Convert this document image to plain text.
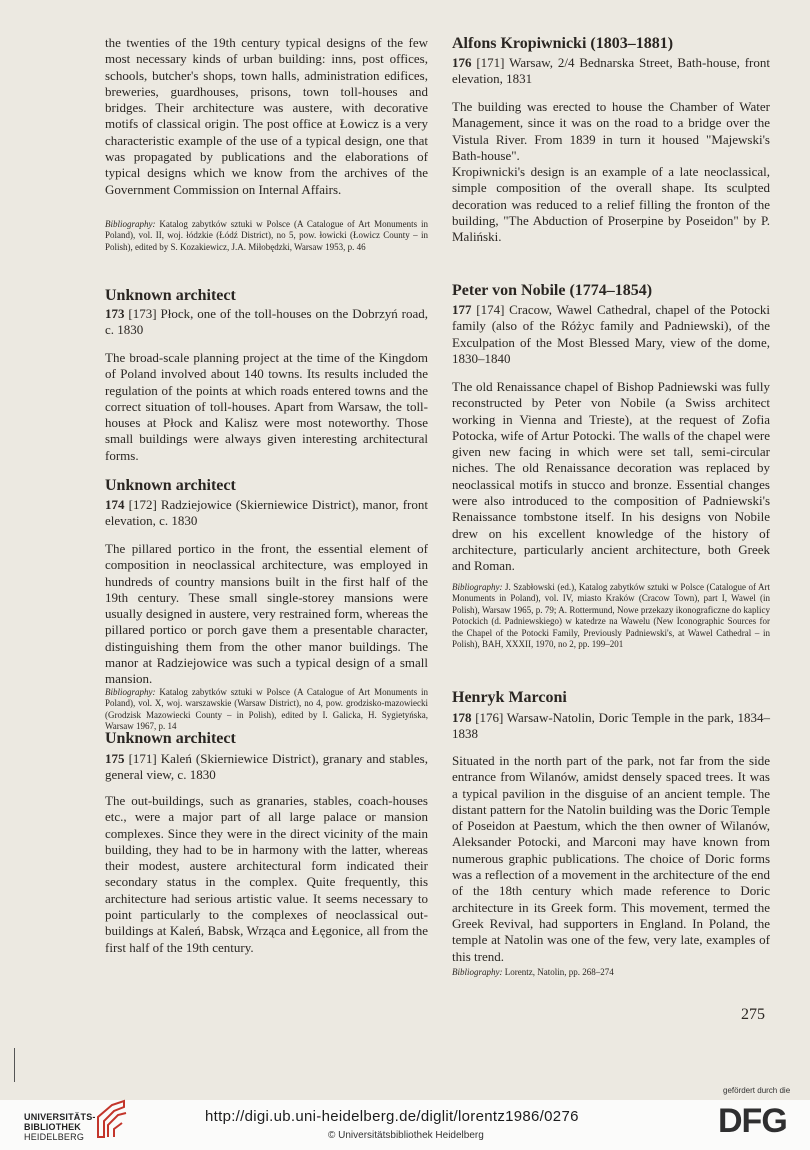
the twenties of the 19th century typical designs of the few most necessary kinds of urban building: inns, post offices, schools, butcher's shops, town halls, administration edifices, breweries, guardhouses, prisons, town toll-houses and bridges. Their architecture was austere, with decorative motifs of classical origin. The post office at Łowicz is a very characteristic example of the use of a typical design, one that was propagated by publications and the elaborations of typical designs which we know from the archives of the Government Commission on Internal Affairs.

Bibliography: Katalog zabytków sztuki w Polsce (A Catalogue of Art Monuments in Poland), vol. II, woj. łódzkie (Łódź District), no 5, pow. łowicki (Łowicz County – in Polish), edited by S. Kozakiewicz, J.A. Miłobędzki, Warsaw 1953, p. 46

Unknown architect

173 [173] Płock, one of the toll-houses on the Dobrzyń road, c. 1830

The broad-scale planning project at the time of the Kingdom of Poland involved about 140 towns. Its results included the regulation of the points at which roads entered towns and the correct situation of toll-houses. Apart from Warsaw, the toll-houses at Płock and Kalisz were most noteworthy. Those small buildings were always given interesting architectural forms.

Unknown architect

174 [172] Radziejowice (Skierniewice District), manor, front elevation, c. 1830

The pillared portico in the front, the essential element of composition in neoclassical architecture, was employed in hundreds of country mansions built in the first half of the 19th century. These small single-storey mansions were usually designed in austere, very restrained form, whereas the pillared portico or porch gave them a presentable character, distinguishing them from the other manor buildings. The manor at Radziejowice was such a typical design of a small mansion.

Bibliography: Katalog zabytków sztuki w Polsce (A Catalogue of Art Monuments in Poland), vol. X, woj. warszawskie (Warsaw District), no 4, pow. grodzisko-mazowiecki (Grodzisk Mazowiecki County – in Polish), edited by I. Galicka, H. Sygietyńska, Warsaw 1967, p. 14

Unknown architect

175 [171] Kaleń (Skierniewice District), granary and stables, general view, c. 1830

The out-buildings, such as granaries, stables, coach-houses etc., were a major part of all large palace or mansion complexes. Since they were in the direct vicinity of the main building, they had to be in harmony with the latter, whereas their modest, austere architectural form indicated their secondary status in the complex. Quite frequently, this architecture had serious artistic value. It seems necessary to point particularly to the complexes of neoclassical out-buildings at Kaleń, Babsk, Wrząca and Łęgonice, all from the first half of the 19th century.

Alfons Kropiwnicki (1803–1881)

176 [171] Warsaw, 2/4 Bednarska Street, Bath-house, front elevation, 1831

The building was erected to house the Chamber of Water Management, since it was on the road to a bridge over the Vistula River. From 1839 in turn it housed "Majewski's Bath-house".

Kropiwnicki's design is an example of a late neoclassical, simple composition of the overall shape. Its sculpted decoration was reduced to a relief filling the fronton of the building, "The Abduction of Proserpine by Poseidon" by P. Maliński.

Peter von Nobile (1774–1854)

177 [174] Cracow, Wawel Cathedral, chapel of the Potocki family (also of the Różyc family and Padniewski), of the Exculpation of the Most Blessed Mary, view of the dome, 1830–1840

The old Renaissance chapel of Bishop Padniewski was fully reconstructed by Peter von Nobile (a Swiss architect working in Vienna and Trieste), at the request of Zofia Potocka, wife of Artur Potocki. The walls of the chapel were given new facing in which were set tall, semi-circular niches. The old Renaissance decoration was replaced by neoclassical motifs in stucco and bronze. Essential changes were also introduced to the composition of Padniewski's Renaissance tombstone itself. In his designs von Nobile drew on his excellent knowledge of the history of architecture, particularly ancient architecture, both Greek and Roman.

Bibliography: J. Szabłowski (ed.), Katalog zabytków sztuki w Polsce (Catalogue of Art Monuments in Poland), vol. IV, miasto Kraków (Cracow Town), part I, Wawel (in Polish), Warsaw 1965, p. 79; A. Rottermund, Nowe przekazy ikonograficzne do kaplicy Potockich (d. Padniewskiego) w katedrze na Wawelu (New Iconographic Sources for the Chapel of the Potocki Family, Previously Padniewski's, at Wawel Cathedral – in Polish), BAH, XXXII, 1970, no 2, pp. 199–201

Henryk Marconi

178 [176] Warsaw-Natolin, Doric Temple in the park, 1834–1838

Situated in the north part of the park, not far from the side entrance from Wilanów, amidst densely spaced trees. It was a typical pavilion in the disguise of an ancient temple. The distant pattern for the Natolin building was the Doric Temple of Poseidon at Paestum, which the then owner of Wilanów, Aleksander Potocki, and Marconi may have known from numerous graphic publications. The choice of Doric forms was a reflection of a movement in the architecture of the end of the 18th century which made reference to Doric architecture in its Greek form. This movement, termed the Greek Revival, had supporters in England. In Poland, the temple at Natolin was one of the few, very late, examples of this trend.

Bibliography: Lorentz, Natolin, pp. 268–274

275

gefördert durch die
UNIVERSITÄTS-
BIBLIOTHEK
HEIDELBERG
http://digi.ub.uni-heidelberg.de/diglit/lorentz1986/0276
© Universitätsbibliothek Heidelberg	DFG
